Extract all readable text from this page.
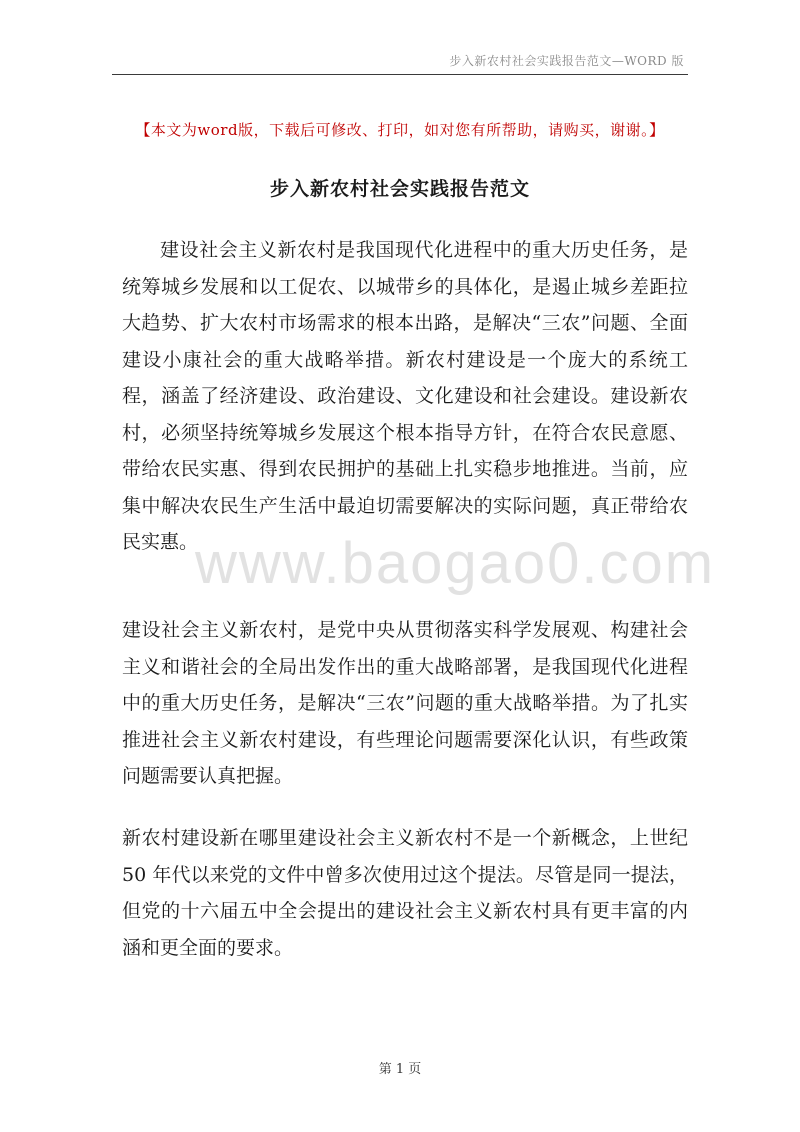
步入新农村社会实践报告范文—WORD 版
【本文为word版，下载后可修改、打印，如对您有所帮助，请购买，谢谢。】
步入新农村社会实践报告范文
www.baogao0.com

建设社会主义新农村是我国现代化进程中的重大历史任务，是统筹城乡发展和以工促农、以城带乡的具体化，是遏止城乡差距拉大趋势、扩大农村市场需求的根本出路，是解决“三农”问题、全面建设小康社会的重大战略举措。新农村建设是一个庞大的系统工程，涵盖了经济建设、政治建设、文化建设和社会建设。建设新农村，必须坚持统筹城乡发展这个根本指导方针，在符合农民意愿、带给农民实惠、得到农民拥护的基础上扎实稳步地推进。当前，应集中解决农民生产生活中最迫切需要解决的实际问题，真正带给农民实惠。

建设社会主义新农村，是党中央从贯彻落实科学发展观、构建社会主义和谐社会的全局出发作出的重大战略部署，是我国现代化进程中的重大历史任务，是解决“三农”问题的重大战略举措。为了扎实推进社会主义新农村建设，有些理论问题需要深化认识，有些政策问题需要认真把握。

新农村建设新在哪里建设社会主义新农村不是一个新概念，上世纪50 年代以来党的文件中曾多次使用过这个提法。尽管是同一提法，但党的十六届五中全会提出的建设社会主义新农村具有更丰富的内涵和更全面的要求。

第 1 页
